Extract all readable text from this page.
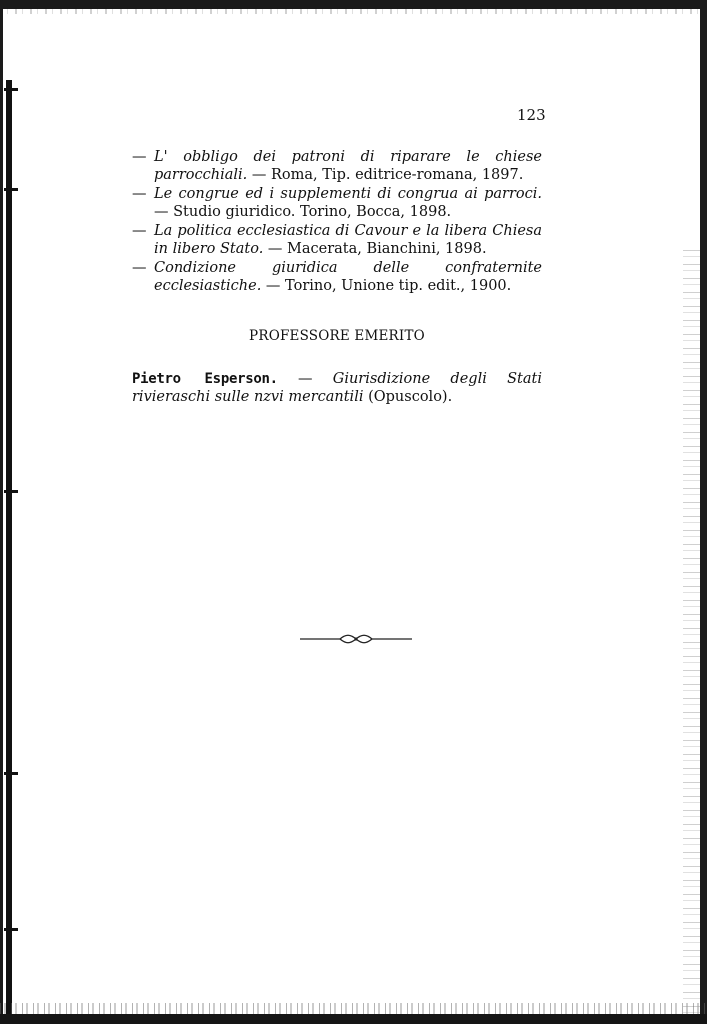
123
— L' obbligo dei patroni di riparare le chiese parrocchiali. — Roma, Tip. editrice-romana, 1897.
— Le congrue ed i supplementi di congrua ai parroci. — Studio giuridico. Torino, Bocca, 1898.
— La politica ecclesiastica di Cavour e la libera Chiesa in libero Stato. — Macerata, Bianchini, 1898.
— Condizione giuridica delle confraternite ecclesiastiche. — Torino, Unione tip. edit., 1900.
PROFESSORE EMERITO

Pietro Esperson. — Giurisdizione degli Stati rivieraschi sulle nzvi mercantili (Opuscolo).
